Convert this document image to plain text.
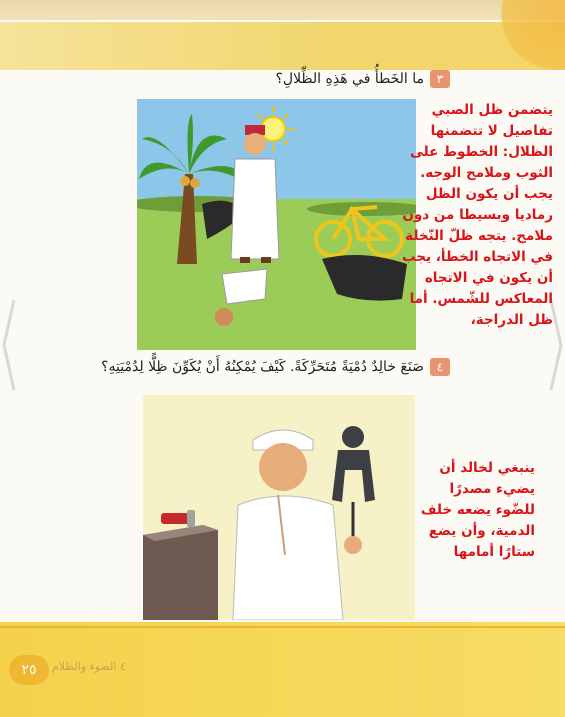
٣ما الخَطأُ في هَذِهِ الظِّلالِ؟
يتضمن ظل الصبي
تفاصيل لا تتضمنها
الظلال: الخطوط على
الثوب وملامح الوجه.
يجب أن يكون الظل
رماديا وبسيطا من دون
ملامح. يتجه ظلّ النّخلة
في الاتجاه الخطأ، يجب
أن يكون في الاتجاه
المعاكس للشّمس. أما
ظل الدراجة،
٤صَنَعَ خالِدٌ دُمْيَةً مُتَحَرِّكَةً. كَيْفَ يُمْكِنُهُ أَنْ يُكَوِّنَ ظِلًّا لِدُمْيَتِهِ؟
ينبغي لخالد أن
يضيء مصدرًا
للضّوء يضعه خلف
الدمية، وأن يضع
ستارًا أمامها
٢٥	٤ الضوء والظلام
